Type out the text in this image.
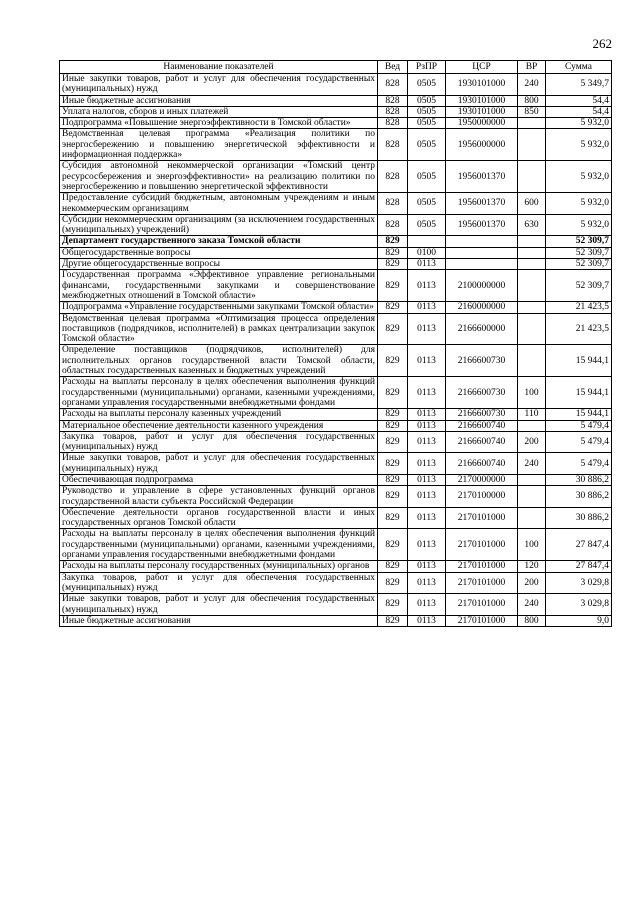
262
Наименование показателей	Вед	РзПР	ЦСР	ВР	Сумма
Иные закупки товаров, работ и услуг для обеспечения государственных (муниципальных) нужд	828	0505	1930101000	240	5 349,7
Иные бюджетные ассигнования	828	0505	1930101000	800	54,4
Уплата налогов, сборов и иных платежей	828	0505	1930101000	850	54,4
Подпрограмма «Повышение энергоэффективности в Томской области»	828	0505	1950000000		5 932,0
Ведомственная целевая программа «Реализация политики по энергосбережению и повышению энергетической эффективности и информационная поддержка»	828	0505	1956000000		5 932,0
Субсидия автономной некоммерческой организации «Томский центр ресурсосбережения и энергоэффективности» на реализацию политики по энергосбережению и повышению энергетической эффективности	828	0505	1956001370		5 932,0
Предоставление субсидий бюджетным, автономным учреждениям и иным некоммерческим организациям	828	0505	1956001370	600	5 932,0
Субсидии некоммерческим организациям (за исключением государственных (муниципальных) учреждений)	828	0505	1956001370	630	5 932,0
Департамент государственного заказа Томской области	829				52 309,7
Общегосударственные вопросы	829	0100			52 309,7
Другие общегосударственные вопросы	829	0113			52 309,7
Государственная программа «Эффективное управление региональными финансами, государственными закупками и совершенствование межбюджетных отношений в Томской области»	829	0113	2100000000		52 309,7
Подпрограмма «Управление государственными закупками Томской области»	829	0113	2160000000		21 423,5
Ведомственная целевая программа «Оптимизация процесса определения поставщиков (подрядчиков, исполнителей) в рамках централизации закупок Томской области»	829	0113	2166600000		21 423,5
Определение поставщиков (подрядчиков, исполнителей) для исполнительных органов государственной власти Томской области, областных государственных казенных и бюджетных учреждений	829	0113	2166600730		15 944,1
Расходы на выплаты персоналу в целях обеспечения выполнения функций государственными (муниципальными) органами, казенными учреждениями, органами управления государственными внебюджетными фондами	829	0113	2166600730	100	15 944,1
Расходы на выплаты персоналу казенных учреждений	829	0113	2166600730	110	15 944,1
Материальное обеспечение деятельности казенного учреждения	829	0113	2166600740		5 479,4
Закупка товаров, работ и услуг для обеспечения государственных (муниципальных) нужд	829	0113	2166600740	200	5 479,4
Иные закупки товаров, работ и услуг для обеспечения государственных (муниципальных) нужд	829	0113	2166600740	240	5 479,4
Обеспечивающая подпрограмма	829	0113	2170000000		30 886,2
Руководство и управление в сфере установленных функций органов государственной власти субъекта Российской Федерации	829	0113	2170100000		30 886,2
Обеспечение деятельности органов государственной власти и иных государственных органов Томской области	829	0113	2170101000		30 886,2
Расходы на выплаты персоналу в целях обеспечения выполнения функций государственными (муниципальными) органами, казенными учреждениями, органами управления государственными внебюджетными фондами	829	0113	2170101000	100	27 847,4
Расходы на выплаты персоналу государственных (муниципальных) органов	829	0113	2170101000	120	27 847,4
Закупка товаров, работ и услуг для обеспечения государственных (муниципальных) нужд	829	0113	2170101000	200	3 029,8
Иные закупки товаров, работ и услуг для обеспечения государственных (муниципальных) нужд	829	0113	2170101000	240	3 029,8
Иные бюджетные ассигнования	829	0113	2170101000	800	9,0
